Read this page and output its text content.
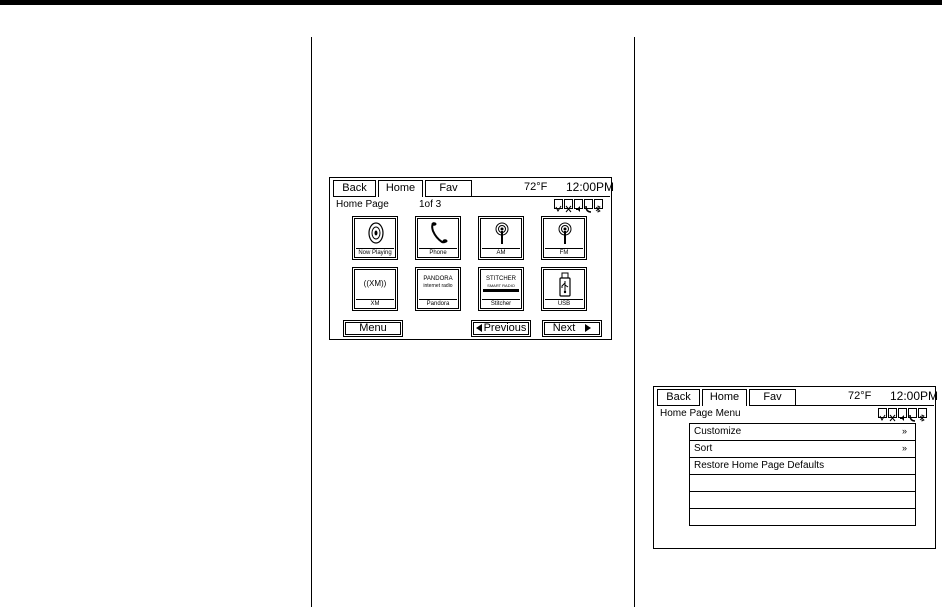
Back	Home	Fav	72°F 12:00PM
Home Page	1of 3
Now Playing	Phone	AM	FM
((XM))
XM
PANDORA
internet radio
Pandora
STITCHER
SMART RADIO
Stitcher	USB
Menu	Previous	Next
Back	Home	Fav	72°F 12:00PM
Home Page Menu
Customize	»
Sort	»
Restore Home Page Defaults
